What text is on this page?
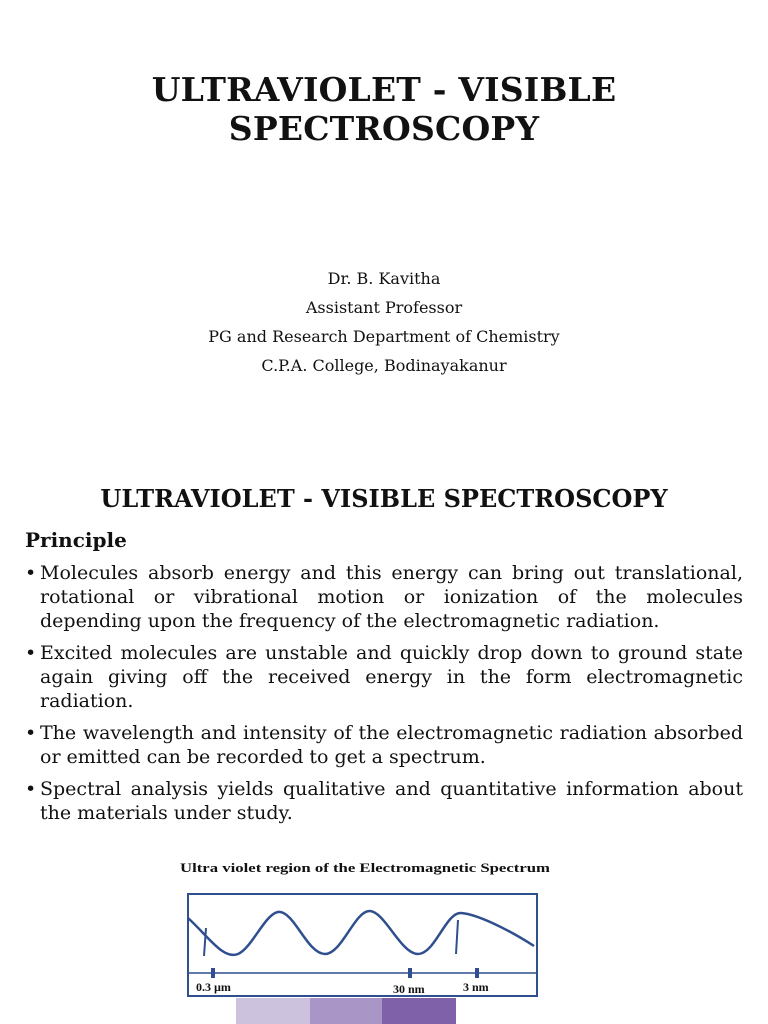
ULTRAVIOLET - VISIBLE SPECTROSCOPY
Dr. B. Kavitha
Assistant Professor
PG and Research Department of Chemistry
C.P.A. College, Bodinayakanur
ULTRAVIOLET - VISIBLE SPECTROSCOPY
Principle
• Molecules absorb energy and this energy can bring out translational, rotational or vibrational motion or ionization of the molecules depending upon the frequency of the electromagnetic radiation.
• Excited molecules are unstable and quickly drop down to ground state again giving off the received energy in the form electromagnetic radiation.
• The wavelength and intensity of the electromagnetic radiation absorbed or emitted can be recorded to get a spectrum.
• Spectral analysis yields qualitative and quantitative information about the materials under study.
Ultra violet region of the Electromagnetic Spectrum
0.3 µm	30 nm	3 nm
